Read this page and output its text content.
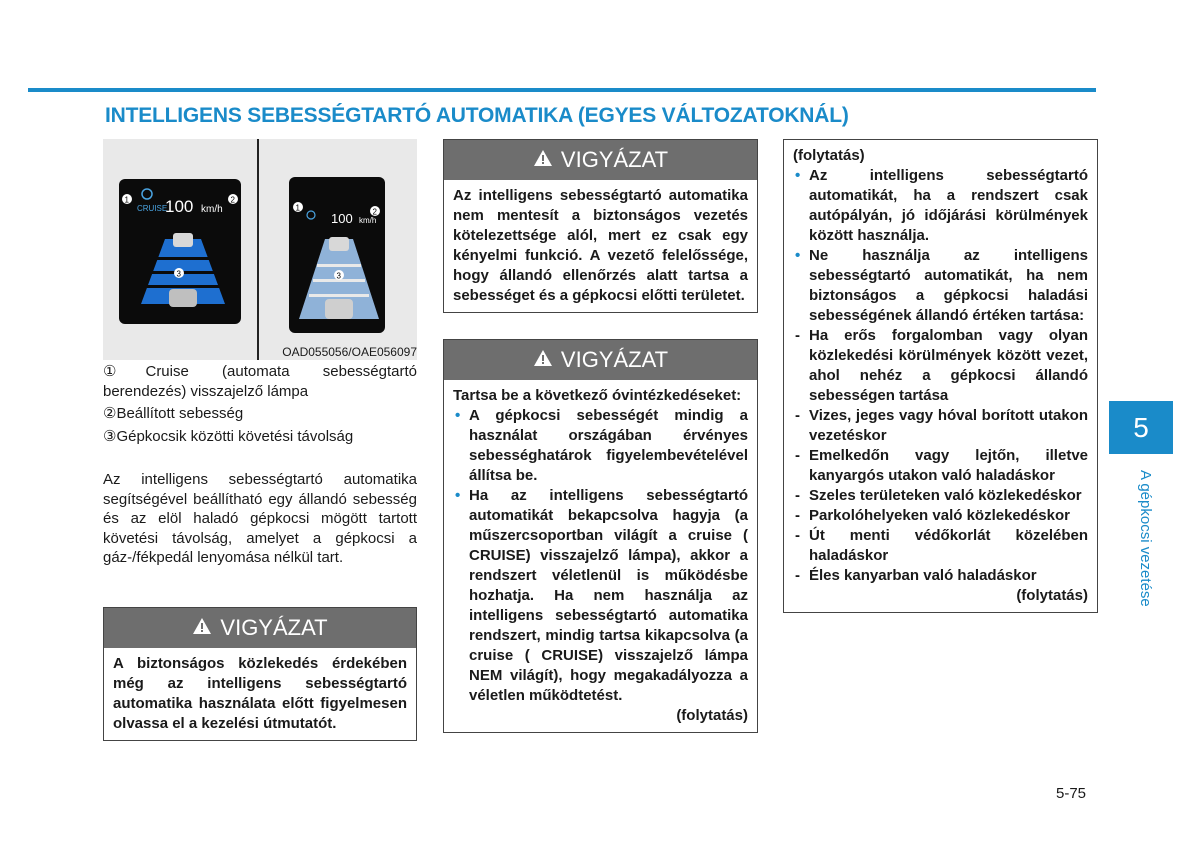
INTELLIGENS SEBESSÉGTARTÓ AUTOMATIKA (EGYES VÁLTOZATOKNÁL)
CRUISE
100 km/h
1	2
3
1
100 km/h
2
3
OAD055056/OAE056097
①Cruise (automata sebességtartó berendezés) visszajelző lámpa
②Beállított sebesség
③Gépkocsik közötti követési távolság
Az intelligens sebességtartó automatika segítségével beállítható egy állandó sebesség és az elöl haladó gépkocsi mögött tartott követési távolság, amelyet a gépkocsi a gáz-/fékpedál lenyomása nélkül tart.
VIGYÁZAT
A biztonságos közlekedés érdekében még az intelligens sebességtartó automatika használata előtt figyelmesen olvassa el a kezelési útmutatót.
VIGYÁZAT
Az intelligens sebességtartó automatika nem mentesít a biztonságos vezetés kötelezettsége alól, mert ez csak egy kényelmi funkció. A vezető felelőssége, hogy állandó ellenőrzés alatt tartsa a sebességet és a gépkocsi előtti területet.
VIGYÁZAT
Tartsa be a következő óvintézkedéseket:
• A gépkocsi sebességét mindig a használat országában érvényes sebességhatárok figyelembevételével állítsa be.
• Ha az intelligens sebességtartó automatikát bekapcsolva hagyja (a műszercsoportban világít a cruise ( CRUISE) visszajelző lámpa), akkor a rendszert véletlenül is működésbe hozhatja. Ha nem használja az intelligens sebességtartó automatika rendszert, mindig tartsa kikapcsolva (a cruise ( CRUISE) visszajelző lámpa NEM világít), hogy megakadályozza a véletlen működtetést.
(folytatás)
(folytatás)
• Az intelligens sebességtartó automatikát, ha a rendszert csak autópályán, jó időjárási körülmények között használja.
• Ne használja az intelligens sebességtartó automatikát, ha nem biztonságos a gépkocsi haladási sebességének állandó értéken tartása:
- Ha erős forgalomban vagy olyan közlekedési körülmények között vezet, ahol nehéz a gépkocsi állandó sebességen tartása
- Vizes, jeges vagy hóval borított utakon vezetéskor
- Emelkedőn vagy lejtőn, illetve kanyargós utakon való haladáskor
- Szeles területeken való közlekedéskor
- Parkolóhelyeken való közlekedéskor
- Út menti védőkorlát közelében haladáskor
- Éles kanyarban való haladáskor
(folytatás)
5
A gépkocsi vezetése
5-75
